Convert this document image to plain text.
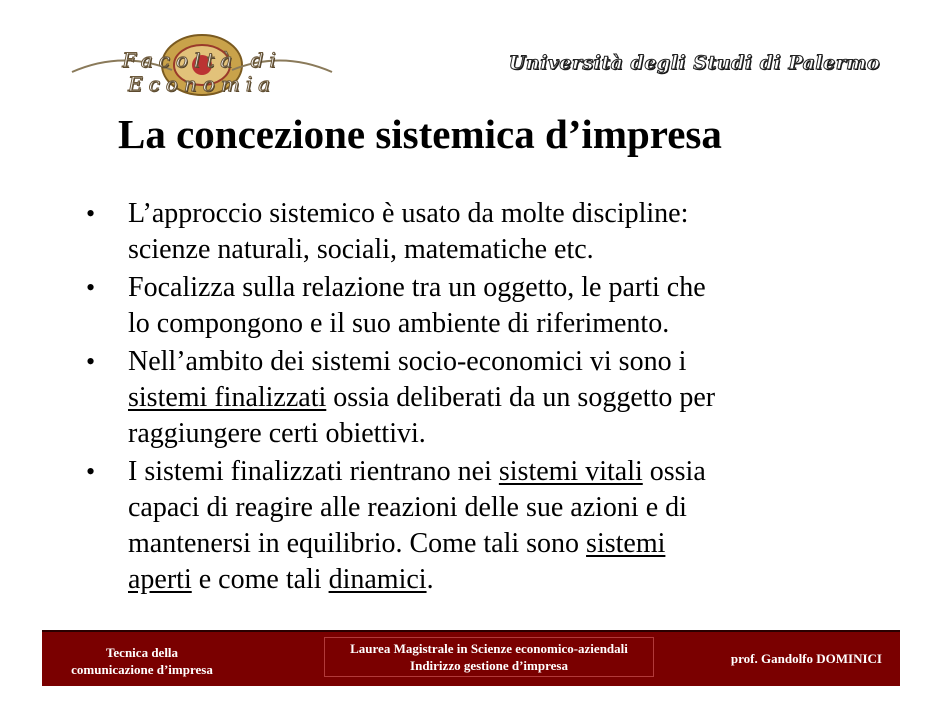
Facoltà di Economia
Università degli Studi di Palermo
La concezione sistemica d’impresa
• L’approccio sistemico è usato da molte discipline:
scienze naturali, sociali, matematiche etc.
• Focalizza sulla relazione tra un oggetto, le parti che
lo compongono e il suo ambiente di riferimento.
• Nell’ambito dei sistemi socio-economici vi sono i
sistemi finalizzati ossia deliberati da un soggetto per
raggiungere certi obiettivi.
• I sistemi finalizzati rientrano nei sistemi vitali ossia
capaci di reagire alle reazioni delle sue azioni e di
mantenersi in equilibrio. Come tali sono sistemi
aperti e come tali dinamici.
Tecnica della
comunicazione d’impresa
Laurea Magistrale in Scienze economico-aziendali
Indirizzo gestione d’impresa	prof. Gandolfo DOMINICI
